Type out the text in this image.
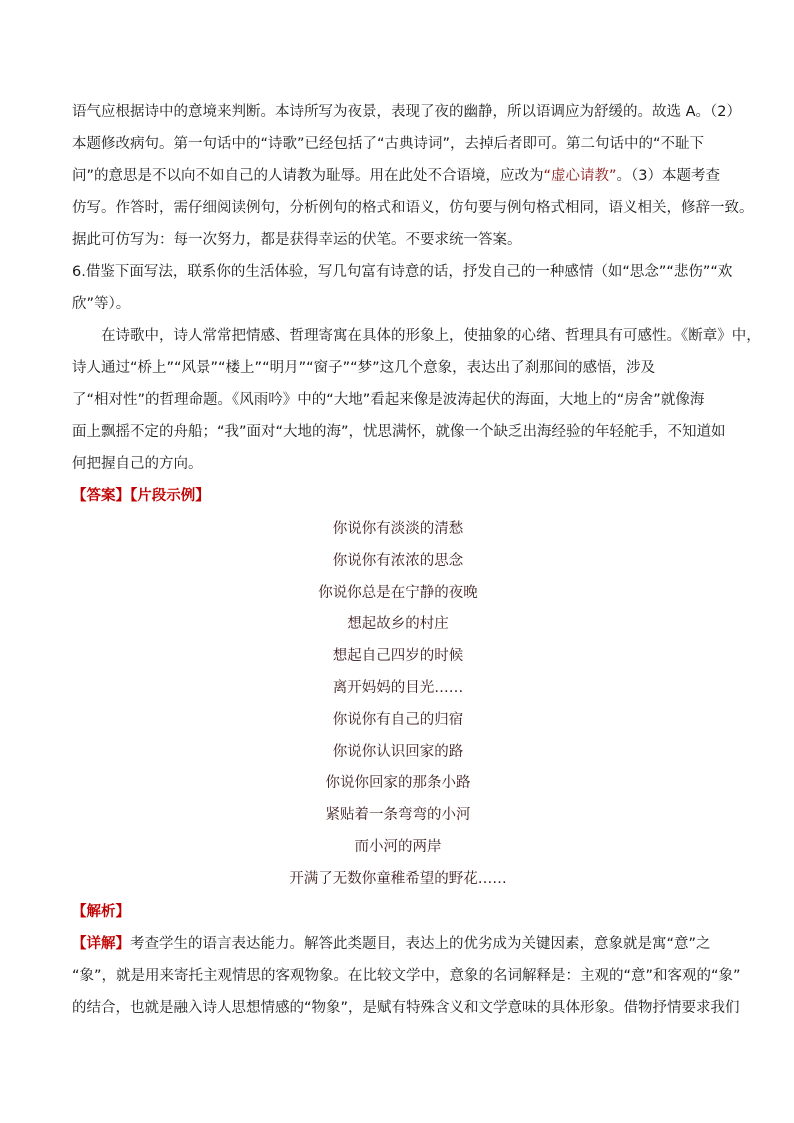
语气应根据诗中的意境来判断。本诗所写为夜景，表现了夜的幽静，所以语调应为舒缓的。故选 A。（2）
本题修改病句。第一句话中的“诗歌”已经包括了“古典诗词”，去掉后者即可。第二句话中的“不耻下
问”的意思是不以向不如自己的人请教为耻辱。用在此处不合语境，应改为“虚心请教”。（3）本题考查
仿写。作答时，需仔细阅读例句，分析例句的格式和语义，仿句要与例句格式相同，语义相关，修辞一致。
据此可仿写为：每一次努力，都是获得幸运的伏笔。不要求统一答案。
6.借鉴下面写法，联系你的生活体验，写几句富有诗意的话，抒发自己的一种感情（如“思念”“悲伤”“欢
欣”等）。
在诗歌中，诗人常常把情感、哲理寄寓在具体的形象上，使抽象的心绪、哲理具有可感性。《断章》中，
诗人通过“桥上”“风景”“楼上”“明月”“窗子”“梦”这几个意象，表达出了刹那间的感悟，涉及
了“相对性”的哲理命题。《风雨吟》中的“大地”看起来像是波涛起伏的海面，大地上的“房舍”就像海
面上飘摇不定的舟船；“我”面对“大地的海”，忧思满怀，就像一个缺乏出海经验的年轻舵手，不知道如
何把握自己的方向。
【答案】【片段示例】
你说你有淡淡的清愁
你说你有浓浓的思念
你说你总是在宁静的夜晚
想起故乡的村庄
想起自己四岁的时候
离开妈妈的目光……
你说你有自己的归宿
你说你认识回家的路
你说你回家的那条小路
紧贴着一条弯弯的小河
而小河的两岸
开满了无数你童稚希望的野花……
【解析】
【详解】考查学生的语言表达能力。解答此类题目，表达上的优劣成为关键因素，意象就是寓“意”之
“象”，就是用来寄托主观情思的客观物象。在比较文学中，意象的名词解释是：主观的“意”和客观的“象”
的结合，也就是融入诗人思想情感的“物象”，是赋有特殊含义和文学意味的具体形象。借物抒情要求我们
